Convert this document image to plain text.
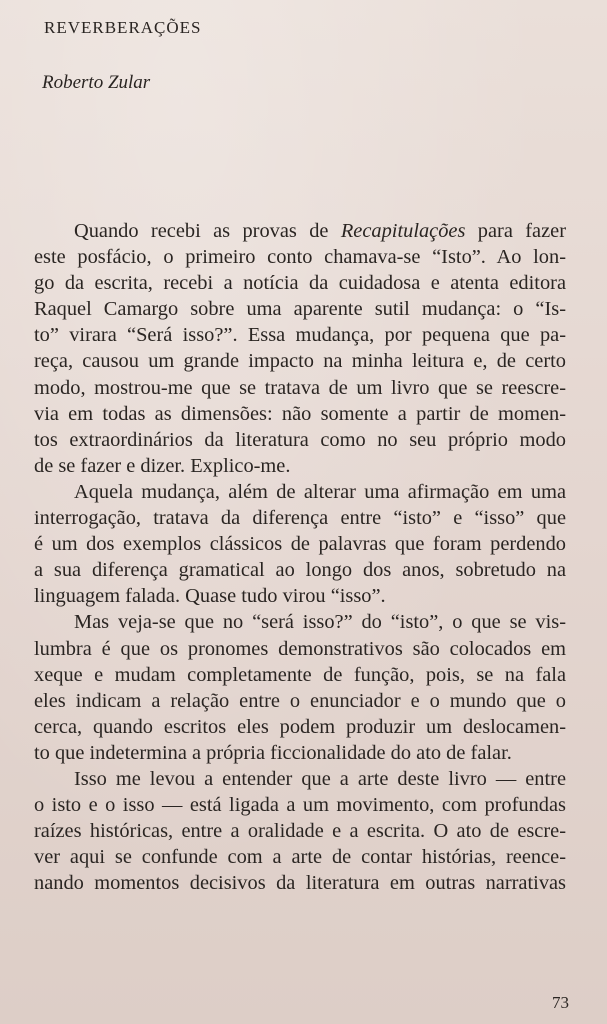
REVERBERAÇÕES
Roberto Zular
Quando recebi as provas de Recapitulações para fazer
este posfácio, o primeiro conto chamava-se “Isto”. Ao lon-
go da escrita, recebi a notícia da cuidadosa e atenta editora
Raquel Camargo sobre uma aparente sutil mudança: o “Is-
to” virara “Será isso?”. Essa mudança, por pequena que pa-
reça, causou um grande impacto na minha leitura e, de certo
modo, mostrou-me que se tratava de um livro que se reescre-
via em todas as dimensões: não somente a partir de momen-
tos extraordinários da literatura como no seu próprio modo
de se fazer e dizer. Explico-me.
Aquela mudança, além de alterar uma afirmação em uma
interrogação, tratava da diferença entre “isto” e “isso” que
é um dos exemplos clássicos de palavras que foram perdendo
a sua diferença gramatical ao longo dos anos, sobretudo na
linguagem falada. Quase tudo virou “isso”.
Mas veja-se que no “será isso?” do “isto”, o que se vis-
lumbra é que os pronomes demonstrativos são colocados em
xeque e mudam completamente de função, pois, se na fala
eles indicam a relação entre o enunciador e o mundo que o
cerca, quando escritos eles podem produzir um deslocamen-
to que indetermina a própria ficcionalidade do ato de falar.
Isso me levou a entender que a arte deste livro — entre
o isto e o isso — está ligada a um movimento, com profundas
raízes históricas, entre a oralidade e a escrita. O ato de escre-
ver aqui se confunde com a arte de contar histórias, reence-
nando momentos decisivos da literatura em outras narrativas
73
